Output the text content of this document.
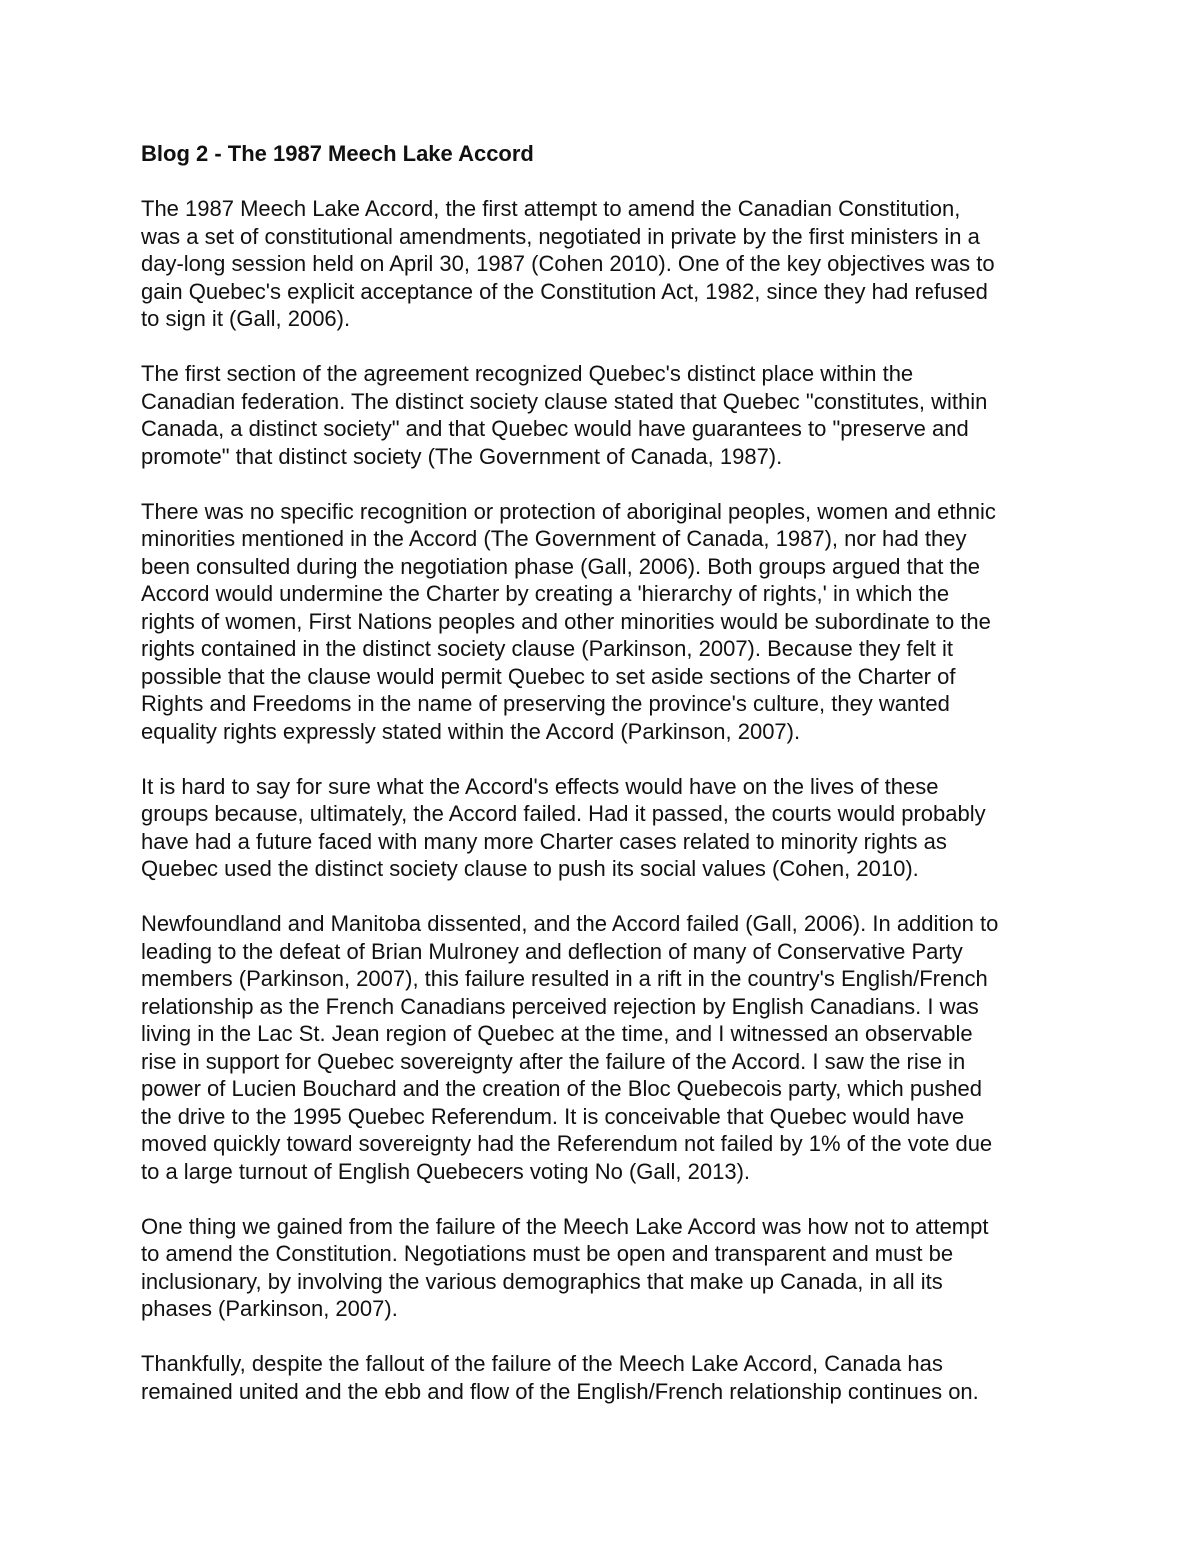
Blog 2 - The 1987 Meech Lake Accord
The 1987 Meech Lake Accord, the first attempt to amend the Canadian Constitution,
was a set of constitutional amendments, negotiated in private by the first ministers in a
day-long session held on April 30, 1987 (Cohen 2010). One of the key objectives was to
gain Quebec's explicit acceptance of the Constitution Act, 1982, since they had refused
to sign it (Gall, 2006).
The first section of the agreement recognized Quebec's distinct place within the
Canadian federation. The distinct society clause stated that Quebec "constitutes, within
Canada, a distinct society" and that Quebec would have guarantees to "preserve and
promote" that distinct society (The Government of Canada, 1987).
There was no specific recognition or protection of aboriginal peoples, women and ethnic
minorities mentioned in the Accord (The Government of Canada, 1987), nor had they
been consulted during the negotiation phase (Gall, 2006). Both groups argued that the
Accord would undermine the Charter by creating a 'hierarchy of rights,' in which the
rights of women, First Nations peoples and other minorities would be subordinate to the
rights contained in the distinct society clause (Parkinson, 2007). Because they felt it
possible that the clause would permit Quebec to set aside sections of the Charter of
Rights and Freedoms in the name of preserving the province's culture, they wanted
equality rights expressly stated within the Accord (Parkinson, 2007).
It is hard to say for sure what the Accord's effects would have on the lives of these
groups because, ultimately, the Accord failed. Had it passed, the courts would probably
have had a future faced with many more Charter cases related to minority rights as
Quebec used the distinct society clause to push its social values (Cohen, 2010).
Newfoundland and Manitoba dissented, and the Accord failed (Gall, 2006). In addition to
leading to the defeat of Brian Mulroney and deflection of many of Conservative Party
members (Parkinson, 2007), this failure resulted in a rift in the country's English/French
relationship as the French Canadians perceived rejection by English Canadians. I was
living in the Lac St. Jean region of Quebec at the time, and I witnessed an observable
rise in support for Quebec sovereignty after the failure of the Accord. I saw the rise in
power of Lucien Bouchard and the creation of the Bloc Quebecois party, which pushed
the drive to the 1995 Quebec Referendum. It is conceivable that Quebec would have
moved quickly toward sovereignty had the Referendum not failed by 1% of the vote due
to a large turnout of English Quebecers voting No (Gall, 2013).
One thing we gained from the failure of the Meech Lake Accord was how not to attempt
to amend the Constitution. Negotiations must be open and transparent and must be
inclusionary, by involving the various demographics that make up Canada, in all its
phases (Parkinson, 2007).
Thankfully, despite the fallout of the failure of the Meech Lake Accord, Canada has
remained united and the ebb and flow of the English/French relationship continues on.
